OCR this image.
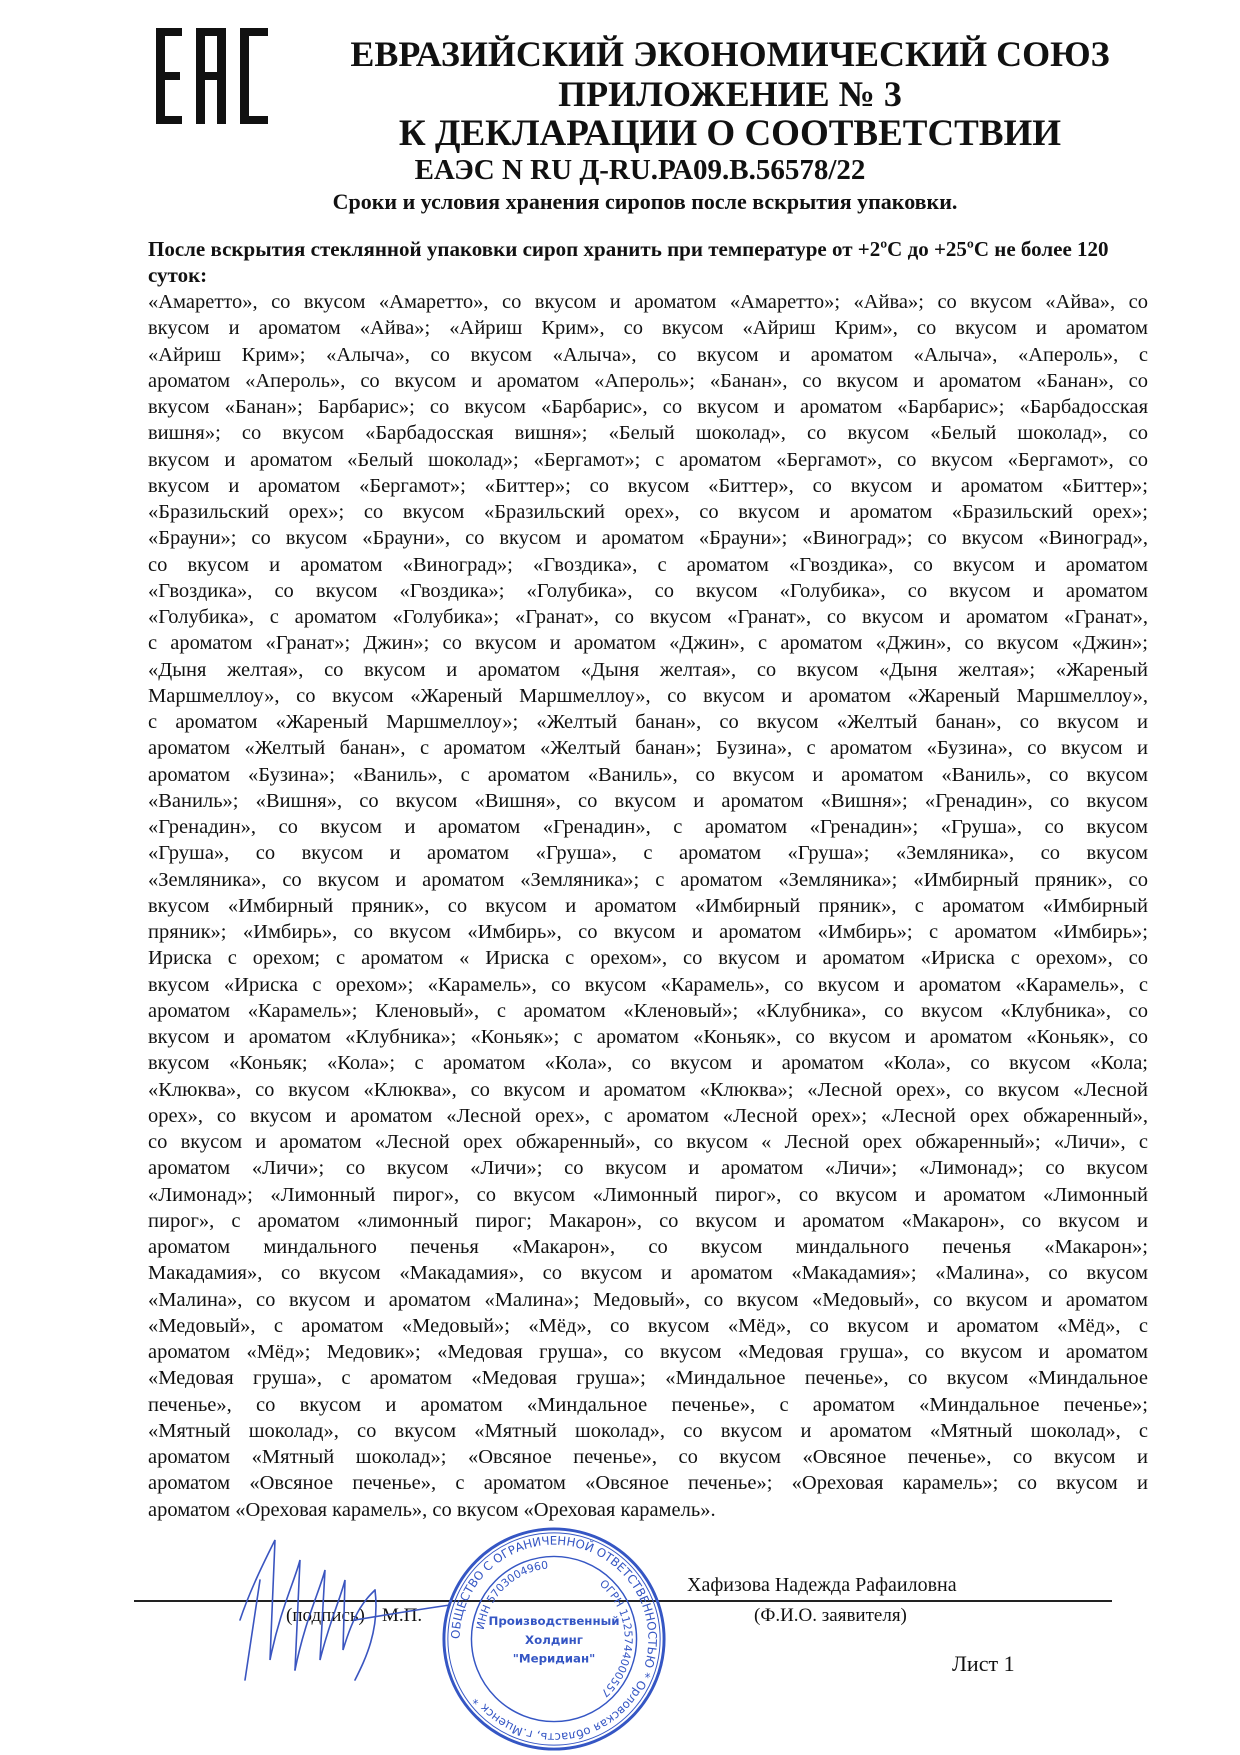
ЕВРАЗИЙСКИЙ ЭКОНОМИЧЕСКИЙ СОЮЗ
ПРИЛОЖЕНИЕ № 3
К ДЕКЛАРАЦИИ О СООТВЕТСТВИИ
ЕАЭС N RU Д-RU.РА09.В.56578/22
Сроки и условия хранения сиропов после вскрытия упаковки.
После вскрытия стеклянной упаковки сироп хранить при температуре от +2ºС до +25ºС не более 120 суток:
«Амаретто», со вкусом «Амаретто», со вкусом и ароматом «Амаретто»; «Айва»; со вкусом «Айва», со
вкусом и ароматом «Айва»; «Айриш Крим», со вкусом «Айриш Крим», со вкусом и ароматом
«Айриш Крим»; «Алыча», со вкусом «Алыча», со вкусом и ароматом «Алыча», «Апероль», с
ароматом «Апероль», со вкусом и ароматом «Апероль»; «Банан», со вкусом и ароматом «Банан», со
вкусом «Банан»; Барбарис»; со вкусом «Барбарис», со вкусом и ароматом «Барбарис»; «Барбадосская
вишня»; со вкусом «Барбадосская вишня»; «Белый шоколад», со вкусом «Белый шоколад», со
вкусом и ароматом «Белый шоколад»; «Бергамот»; с ароматом «Бергамот», со вкусом «Бергамот», со
вкусом и ароматом «Бергамот»; «Биттер»; со вкусом «Биттер», со вкусом и ароматом «Биттер»;
«Бразильский орех»; со вкусом «Бразильский орех», со вкусом и ароматом «Бразильский орех»;
«Брауни»; со вкусом «Брауни», со вкусом и ароматом «Брауни»; «Виноград»; со вкусом «Виноград»,
со вкусом и ароматом «Виноград»; «Гвоздика», с ароматом «Гвоздика», со вкусом и ароматом
«Гвоздика», со вкусом «Гвоздика»; «Голубика», со вкусом «Голубика», со вкусом и ароматом
«Голубика», с ароматом «Голубика»; «Гранат», со вкусом «Гранат», со вкусом и ароматом «Гранат»,
с ароматом «Гранат»; Джин»; со вкусом и ароматом «Джин», с ароматом «Джин», со вкусом «Джин»;
«Дыня желтая», со вкусом и ароматом «Дыня желтая», со вкусом «Дыня желтая»; «Жареный
Маршмеллоу», со вкусом «Жареный Маршмеллоу», со вкусом и ароматом «Жареный Маршмеллоу»,
с ароматом «Жареный Маршмеллоу»; «Желтый банан», со вкусом «Желтый банан», со вкусом и
ароматом «Желтый банан», с ароматом «Желтый банан»; Бузина», с ароматом «Бузина», со вкусом и
ароматом «Бузина»; «Ваниль», с ароматом «Ваниль», со вкусом и ароматом «Ваниль», со вкусом
«Ваниль»; «Вишня», со вкусом «Вишня», со вкусом и ароматом «Вишня»; «Гренадин», со вкусом
«Гренадин», со вкусом и ароматом «Гренадин», с ароматом «Гренадин»; «Груша», со вкусом
«Груша», со вкусом и ароматом «Груша», с ароматом «Груша»; «Земляника», со вкусом
«Земляника», со вкусом и ароматом «Земляника»; с ароматом «Земляника»; «Имбирный пряник», со
вкусом «Имбирный пряник», со вкусом и ароматом «Имбирный пряник», с ароматом «Имбирный
пряник»; «Имбирь», со вкусом «Имбирь», со вкусом и ароматом «Имбирь»; с ароматом «Имбирь»;
Ириска с орехом; с ароматом « Ириска с орехом», со вкусом и ароматом «Ириска с орехом», со
вкусом «Ириска с орехом»; «Карамель», со вкусом «Карамель», со вкусом и ароматом «Карамель», с
ароматом «Карамель»; Кленовый», с ароматом «Кленовый»; «Клубника», со вкусом «Клубника», со
вкусом и ароматом «Клубника»; «Коньяк»; с ароматом «Коньяк», со вкусом и ароматом «Коньяк», со
вкусом «Коньяк; «Кола»; с ароматом «Кола», со вкусом и ароматом «Кола», со вкусом «Кола;
«Клюква», со вкусом «Клюква», со вкусом и ароматом «Клюква»; «Лесной орех», со вкусом «Лесной
орех», со вкусом и ароматом «Лесной орех», с ароматом «Лесной орех»; «Лесной орех обжаренный»,
со вкусом и ароматом «Лесной орех обжаренный», со вкусом « Лесной орех обжаренный»; «Личи», с
ароматом «Личи»; со вкусом «Личи»; со вкусом и ароматом «Личи»; «Лимонад»; со вкусом
«Лимонад»; «Лимонный пирог», со вкусом «Лимонный пирог», со вкусом и ароматом «Лимонный
пирог», с ароматом «лимонный пирог; Макарон», со вкусом и ароматом «Макарон», со вкусом и
ароматом миндального печенья «Макарон», со вкусом миндального печенья «Макарон»;
Макадамия», со вкусом «Макадамия», со вкусом и ароматом «Макадамия»; «Малина», со вкусом
«Малина», со вкусом и ароматом «Малина»; Медовый», со вкусом «Медовый», со вкусом и ароматом
«Медовый», с ароматом «Медовый»; «Мёд», со вкусом «Мёд», со вкусом и ароматом «Мёд», с
ароматом «Мёд»; Медовик»; «Медовая груша», со вкусом «Медовая груша», со вкусом и ароматом
«Медовая груша», с ароматом «Медовая груша»; «Миндальное печенье», со вкусом «Миндальное
печенье», со вкусом и ароматом «Миндальное печенье», с ароматом «Миндальное печенье»;
«Мятный шоколад», со вкусом «Мятный шоколад», со вкусом и ароматом «Мятный шоколад», с
ароматом «Мятный шоколад»; «Овсяное печенье», со вкусом «Овсяное печенье», со вкусом и
ароматом «Овсяное печенье», с ароматом «Овсяное печенье»; «Ореховая карамель»; со вкусом и
ароматом «Ореховая карамель», со вкусом «Ореховая карамель».
(подпись) М.П.
Хафизова Надежда Рафаиловна
(Ф.И.О. заявителя)
Лист 1
ОБЩЕСТВО С ОГРАНИЧЕННОЙ ОТВЕТСТВЕННОСТЬЮ * Орловская область, г.Мценск *
ОГРН 1125744000557
ИНН 5703004960
Производственный
Холдинг
"Меридиан"
